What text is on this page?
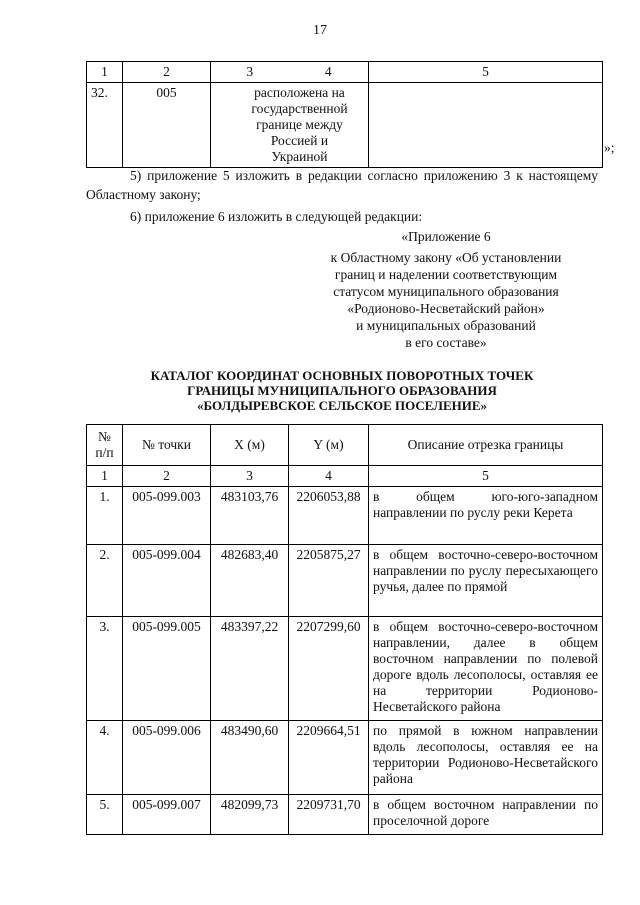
17
1	2	3	4	5
32.	005	расположена на государственной границе между Россией и Украиной		
»;
5) приложение 5 изложить в редакции согласно приложению 3 к настоящему Областному закону;
6) приложение 6 изложить в следующей редакции:
«Приложение 6
к Областному закону «Об установлении
границ и наделении соответствующим
статусом муниципального образования
«Родионово-Несветайский район»
и муниципальных образований
в его составе»
КАТАЛОГ КООРДИНАТ ОСНОВНЫХ ПОВОРОТНЫХ ТОЧЕК
ГРАНИЦЫ МУНИЦИПАЛЬНОГО ОБРАЗОВАНИЯ
«БОЛДЫРЕВСКОЕ СЕЛЬСКОЕ ПОСЕЛЕНИЕ»
№ п/п	№ точки	X (м)	Y (м)	Описание отрезка границы
1	2	3	4	5
1.	005-099.003	483103,76	2206053,88	в общем юго-юго-западном направлении по руслу реки Керета
2.	005-099.004	482683,40	2205875,27	в общем восточно-северо-восточном направлении по руслу пересыхающего ручья, далее по прямой
3.	005-099.005	483397,22	2207299,60	в общем восточно-северо-восточном направлении, далее в общем восточном направлении по полевой дороге вдоль лесополосы, оставляя ее на территории Родионово-Несветайского района
4.	005-099.006	483490,60	2209664,51	по прямой в южном направлении вдоль лесополосы, оставляя ее на территории Родионово-Несветайского района
5.	005-099.007	482099,73	2209731,70	в общем восточном направлении по проселочной дороге
